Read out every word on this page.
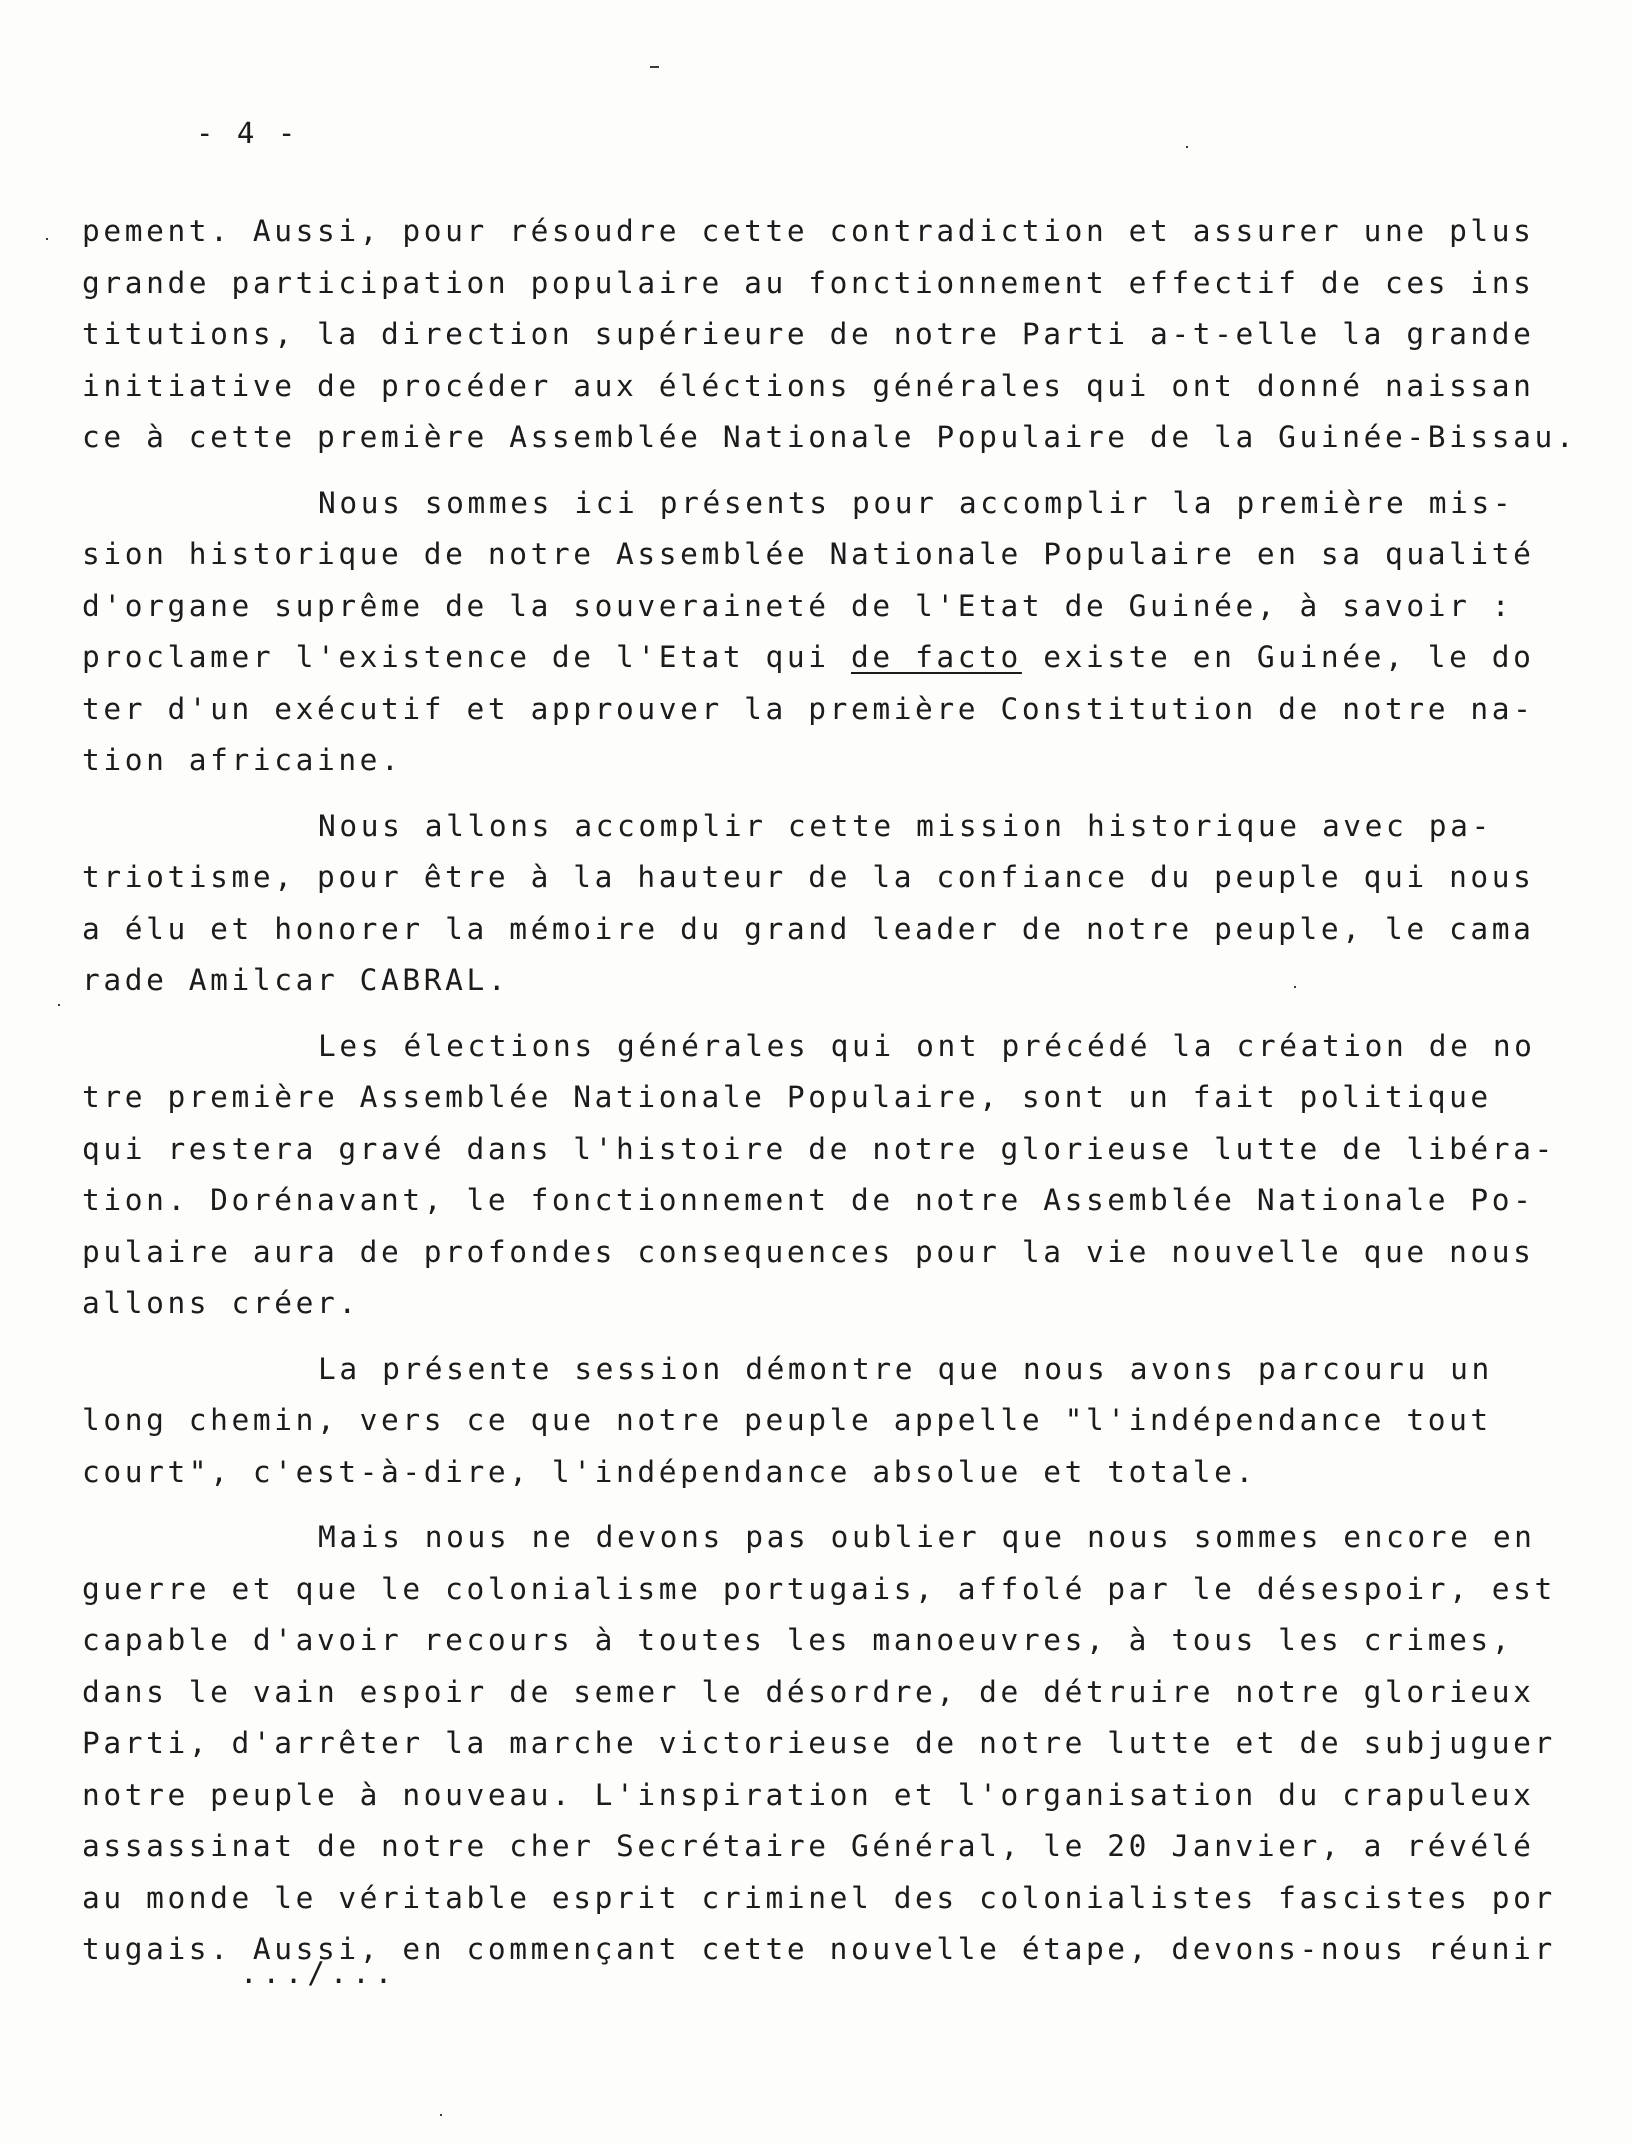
- 4 -
pement. Aussi, pour résoudre cette contradiction et assurer une plus
grande participation populaire au fonctionnement effectif de ces ins
titutions, la direction supérieure de notre Parti a-t-elle la grande
initiative de procéder aux éléctions générales qui ont donné naissan
ce à cette première Assemblée Nationale Populaire de la Guinée-Bissau.
Nous sommes ici présents pour accomplir la première mis-
sion historique de notre Assemblée Nationale Populaire en sa qualité
d'organe suprême de la souveraineté de l'Etat de Guinée, à savoir :
proclamer l'existence de l'Etat qui de facto existe en Guinée, le do
ter d'un exécutif et approuver la première Constitution de notre na-
tion africaine.
Nous allons accomplir cette mission historique avec pa-
triotisme, pour être à la hauteur de la confiance du peuple qui nous
a élu et honorer la mémoire du grand leader de notre peuple, le cama
rade Amilcar CABRAL.
Les élections générales qui ont précédé la création de no
tre première Assemblée Nationale Populaire, sont un fait politique
qui restera gravé dans l'histoire de notre glorieuse lutte de libéra-
tion. Dorénavant, le fonctionnement de notre Assemblée Nationale Po-
pulaire aura de profondes consequences pour la vie nouvelle que nous
allons créer.
La présente session démontre que nous avons parcouru un
long chemin, vers ce que notre peuple appelle "l'indépendance tout
court", c'est-à-dire, l'indépendance absolue et totale.
Mais nous ne devons pas oublier que nous sommes encore en
guerre et que le colonialisme portugais, affolé par le désespoir, est
capable d'avoir recours à toutes les manoeuvres, à tous les crimes,
dans le vain espoir de semer le désordre, de détruire notre glorieux
Parti, d'arrêter la marche victorieuse de notre lutte et de subjuguer
notre peuple à nouveau. L'inspiration et l'organisation du crapuleux
assassinat de notre cher Secrétaire Général, le 20 Janvier, a révélé
au monde le véritable esprit criminel des colonialistes fascistes por
tugais. Aussi, en commençant cette nouvelle étape, devons-nous réunir
.../...
